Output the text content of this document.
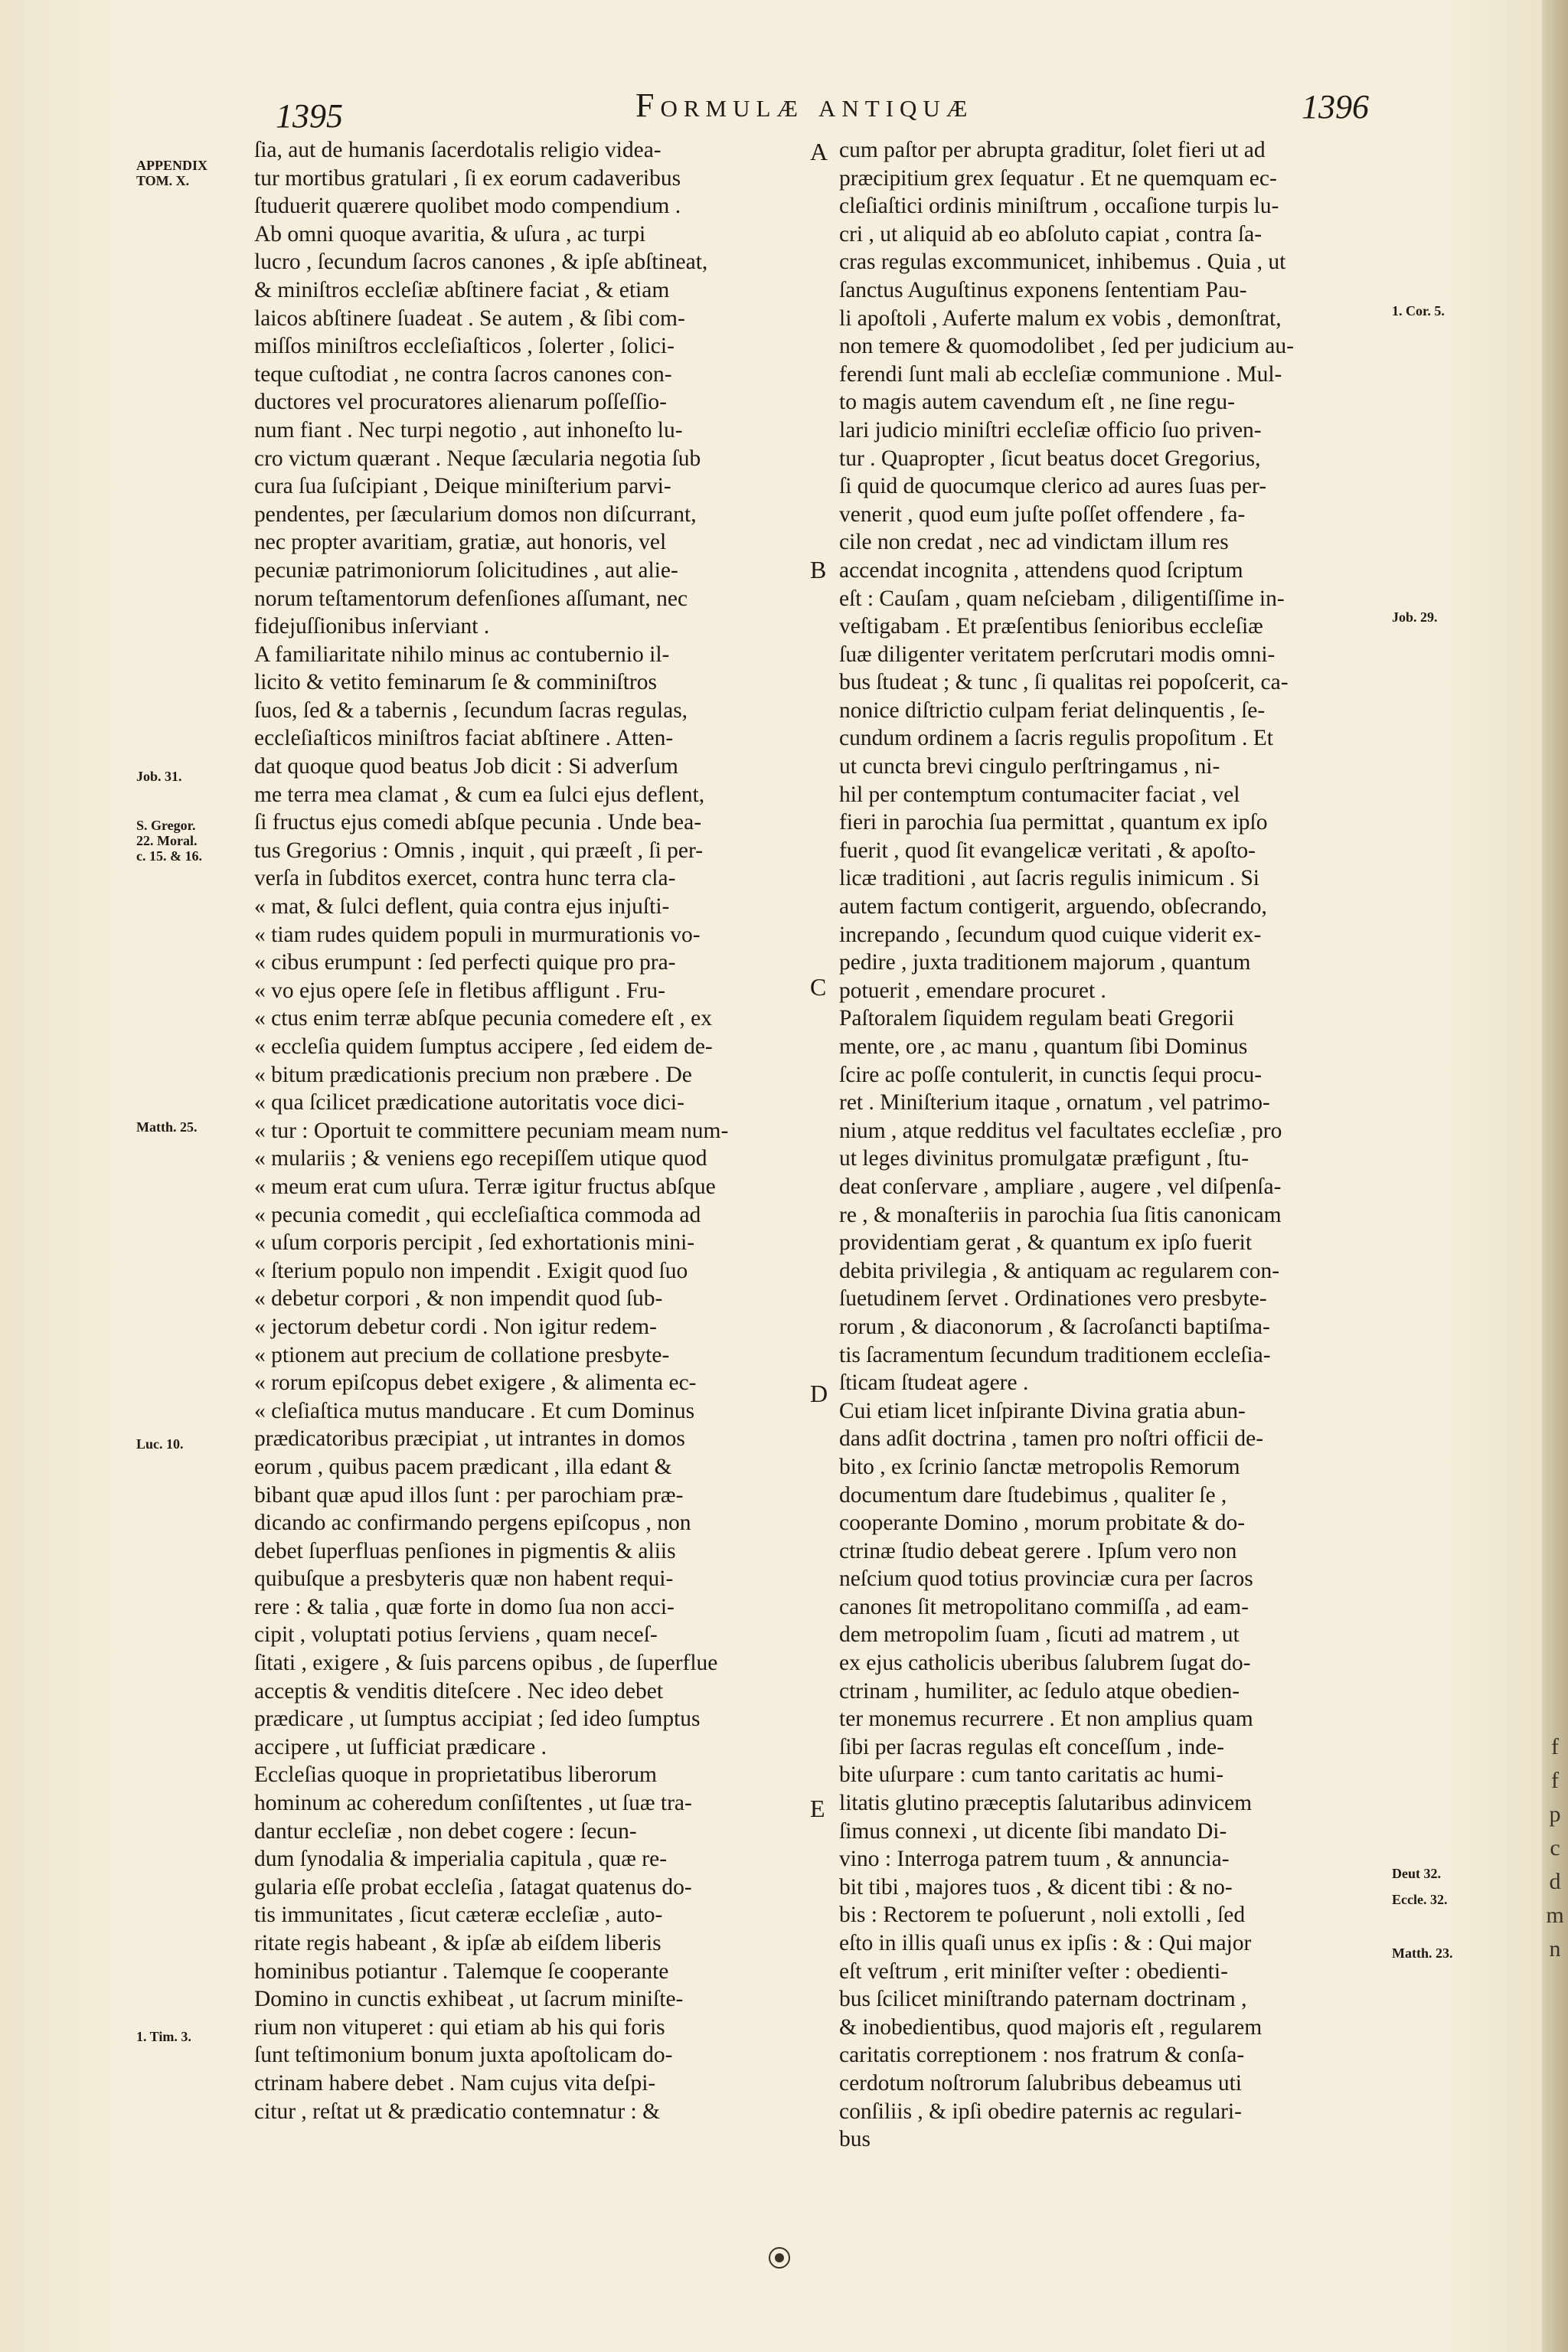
1395	Formulæ antiquæ	1396
APPENDIX
TOM. X.
Job. 31.
S. Gregor.
22. Moral.
c. 15. & 16.
Matth. 25.
Luc. 10.
1. Tim. 3.
1. Cor. 5.
Job. 29.
Deut 32.
Eccle. 32.
Matth. 23.
A
B
C
D
E
ſia, aut de humanis ſacerdotalis religio videa-
tur mortibus gratulari , ſi ex eorum cadaveribus
ſtuduerit quærere quolibet modo compendium .
Ab omni quoque avaritia, & uſura , ac turpi
lucro , ſecundum ſacros canones , & ipſe abſtineat,
& miniſtros eccleſiæ abſtinere faciat , & etiam
laicos abſtinere ſuadeat . Se autem , & ſibi com-
miſſos miniſtros eccleſiaſticos , ſolerter , ſolici-
teque cuſtodiat , ne contra ſacros canones con-
ductores vel procuratores alienarum poſſeſſio-
num fiant . Nec turpi negotio , aut inhoneſto lu-
cro victum quærant . Neque ſæcularia negotia ſub
cura ſua ſuſcipiant , Deique miniſterium parvi-
pendentes, per ſæcularium domos non diſcurrant,
nec propter avaritiam, gratiæ, aut honoris, vel
pecuniæ patrimoniorum ſolicitudines , aut alie-
norum teſtamentorum defenſiones aſſumant, nec
fidejuſſionibus inſerviant .
A familiaritate nihilo minus ac contubernio il-
licito & vetito feminarum ſe & comminiſtros
ſuos, ſed & a tabernis , ſecundum ſacras regulas,
eccleſiaſticos miniſtros faciat abſtinere . Atten-
dat quoque quod beatus Job dicit : Si adverſum
me terra mea clamat , & cum ea ſulci ejus deflent,
ſi fructus ejus comedi abſque pecunia . Unde bea-
tus Gregorius : Omnis , inquit , qui præeſt , ſi per-
verſa in ſubditos exercet, contra hunc terra cla-
« mat, & ſulci deflent, quia contra ejus injuſti-
« tiam rudes quidem populi in murmurationis vo-
« cibus erumpunt : ſed perfecti quique pro pra-
« vo ejus opere ſeſe in fletibus affligunt . Fru-
« ctus enim terræ abſque pecunia comedere eſt , ex
« eccleſia quidem ſumptus accipere , ſed eidem de-
« bitum prædicationis precium non præbere . De
« qua ſcilicet prædicatione autoritatis voce dici-
« tur : Oportuit te committere pecuniam meam num-
« mulariis ; & veniens ego recepiſſem utique quod
« meum erat cum uſura. Terræ igitur fructus abſque
« pecunia comedit , qui eccleſiaſtica commoda ad
« uſum corporis percipit , ſed exhortationis mini-
« ſterium populo non impendit . Exigit quod ſuo
« debetur corpori , & non impendit quod ſub-
« jectorum debetur cordi . Non igitur redem-
« ptionem aut precium de collatione presbyte-
« rorum epiſcopus debet exigere , & alimenta ec-
« cleſiaſtica mutus manducare . Et cum Dominus
prædicatoribus præcipiat , ut intrantes in domos
eorum , quibus pacem prædicant , illa edant &
bibant quæ apud illos ſunt : per parochiam præ-
dicando ac confirmando pergens epiſcopus , non
debet ſuperfluas penſiones in pigmentis & aliis
quibuſque a presbyteris quæ non habent requi-
rere : & talia , quæ forte in domo ſua non acci-
cipit , voluptati potius ſerviens , quam neceſ-
ſitati , exigere , & ſuis parcens opibus , de ſuperflue
acceptis & venditis diteſcere . Nec ideo debet
prædicare , ut ſumptus accipiat ; ſed ideo ſumptus
accipere , ut ſufficiat prædicare .
Eccleſias quoque in proprietatibus liberorum
hominum ac coheredum conſiſtentes , ut ſuæ tra-
dantur eccleſiæ , non debet cogere : ſecun-
dum ſynodalia & imperialia capitula , quæ re-
gularia eſſe probat eccleſia , ſatagat quatenus do-
tis immunitates , ſicut cæteræ eccleſiæ , auto-
ritate regis habeant , & ipſæ ab eiſdem liberis
hominibus potiantur . Talemque ſe cooperante
Domino in cunctis exhibeat , ut ſacrum miniſte-
rium non vituperet : qui etiam ab his qui foris
ſunt teſtimonium bonum juxta apoſtolicam do-
ctrinam habere debet . Nam cujus vita deſpi-
citur , reſtat ut & prædicatio contemnatur : &
cum paſtor per abrupta graditur, ſolet fieri ut ad
præcipitium grex ſequatur . Et ne quemquam ec-
cleſiaſtici ordinis miniſtrum , occaſione turpis lu-
cri , ut aliquid ab eo abſoluto capiat , contra ſa-
cras regulas excommunicet, inhibemus . Quia , ut
ſanctus Auguſtinus exponens ſententiam Pau-
li apoſtoli , Auferte malum ex vobis , demonſtrat,
non temere & quomodolibet , ſed per judicium au-
ferendi ſunt mali ab eccleſiæ communione . Mul-
to magis autem cavendum eſt , ne ſine regu-
lari judicio miniſtri eccleſiæ officio ſuo priven-
tur . Quapropter , ſicut beatus docet Gregorius,
ſi quid de quocumque clerico ad aures ſuas per-
venerit , quod eum juſte poſſet offendere , fa-
cile non credat , nec ad vindictam illum res
accendat incognita , attendens quod ſcriptum
eſt : Cauſam , quam neſciebam , diligentiſſime in-
veſtigabam . Et præſentibus ſenioribus eccleſiæ
ſuæ diligenter veritatem perſcrutari modis omni-
bus ſtudeat ; & tunc , ſi qualitas rei popoſcerit, ca-
nonice diſtrictio culpam feriat delinquentis , ſe-
cundum ordinem a ſacris regulis propoſitum . Et
ut cuncta brevi cingulo perſtringamus , ni-
hil per contemptum contumaciter faciat , vel
fieri in parochia ſua permittat , quantum ex ipſo
fuerit , quod ſit evangelicæ veritati , & apoſto-
licæ traditioni , aut ſacris regulis inimicum . Si
autem factum contigerit, arguendo, obſecrando,
increpando , ſecundum quod cuique viderit ex-
pedire , juxta traditionem majorum , quantum
potuerit , emendare procuret .
Paſtoralem ſiquidem regulam beati Gregorii
mente, ore , ac manu , quantum ſibi Dominus
ſcire ac poſſe contulerit, in cunctis ſequi procu-
ret . Miniſterium itaque , ornatum , vel patrimo-
nium , atque redditus vel facultates eccleſiæ , pro
ut leges divinitus promulgatæ præfigunt , ſtu-
deat conſervare , ampliare , augere , vel diſpenſa-
re , & monaſteriis in parochia ſua ſitis canonicam
providentiam gerat , & quantum ex ipſo fuerit
debita privilegia , & antiquam ac regularem con-
ſuetudinem ſervet . Ordinationes vero presbyte-
rorum , & diaconorum , & ſacroſancti baptiſma-
tis ſacramentum ſecundum traditionem eccleſia-
ſticam ſtudeat agere .
Cui etiam licet inſpirante Divina gratia abun-
dans adſit doctrina , tamen pro noſtri officii de-
bito , ex ſcrinio ſanctæ metropolis Remorum
documentum dare ſtudebimus , qualiter ſe ,
cooperante Domino , morum probitate & do-
ctrinæ ſtudio debeat gerere . Ipſum vero non
neſcium quod totius provinciæ cura per ſacros
canones ſit metropolitano commiſſa , ad eam-
dem metropolim ſuam , ſicuti ad matrem , ut
ex ejus catholicis uberibus ſalubrem ſugat do-
ctrinam , humiliter, ac ſedulo atque obedien-
ter monemus recurrere . Et non amplius quam
ſibi per ſacras regulas eſt conceſſum , inde-
bite uſurpare : cum tanto caritatis ac humi-
litatis glutino præceptis ſalutaribus adinvicem
ſimus connexi , ut dicente ſibi mandato Di-
vino : Interroga patrem tuum , & annuncia-
bit tibi , majores tuos , & dicent tibi : & no-
bis : Rectorem te poſuerunt , noli extolli , ſed
eſto in illis quaſi unus ex ipſis : & : Qui major
eſt veſtrum , erit miniſter veſter : obedienti-
bus ſcilicet miniſtrando paternam doctrinam ,
& inobedientibus, quod majoris eſt , regularem
caritatis correptionem : nos fratrum & conſa-
cerdotum noſtrorum ſalubribus debeamus uti
conſiliis , & ipſi obedire paternis ac regulari-
bus
f
f
p
c
d
m
n
